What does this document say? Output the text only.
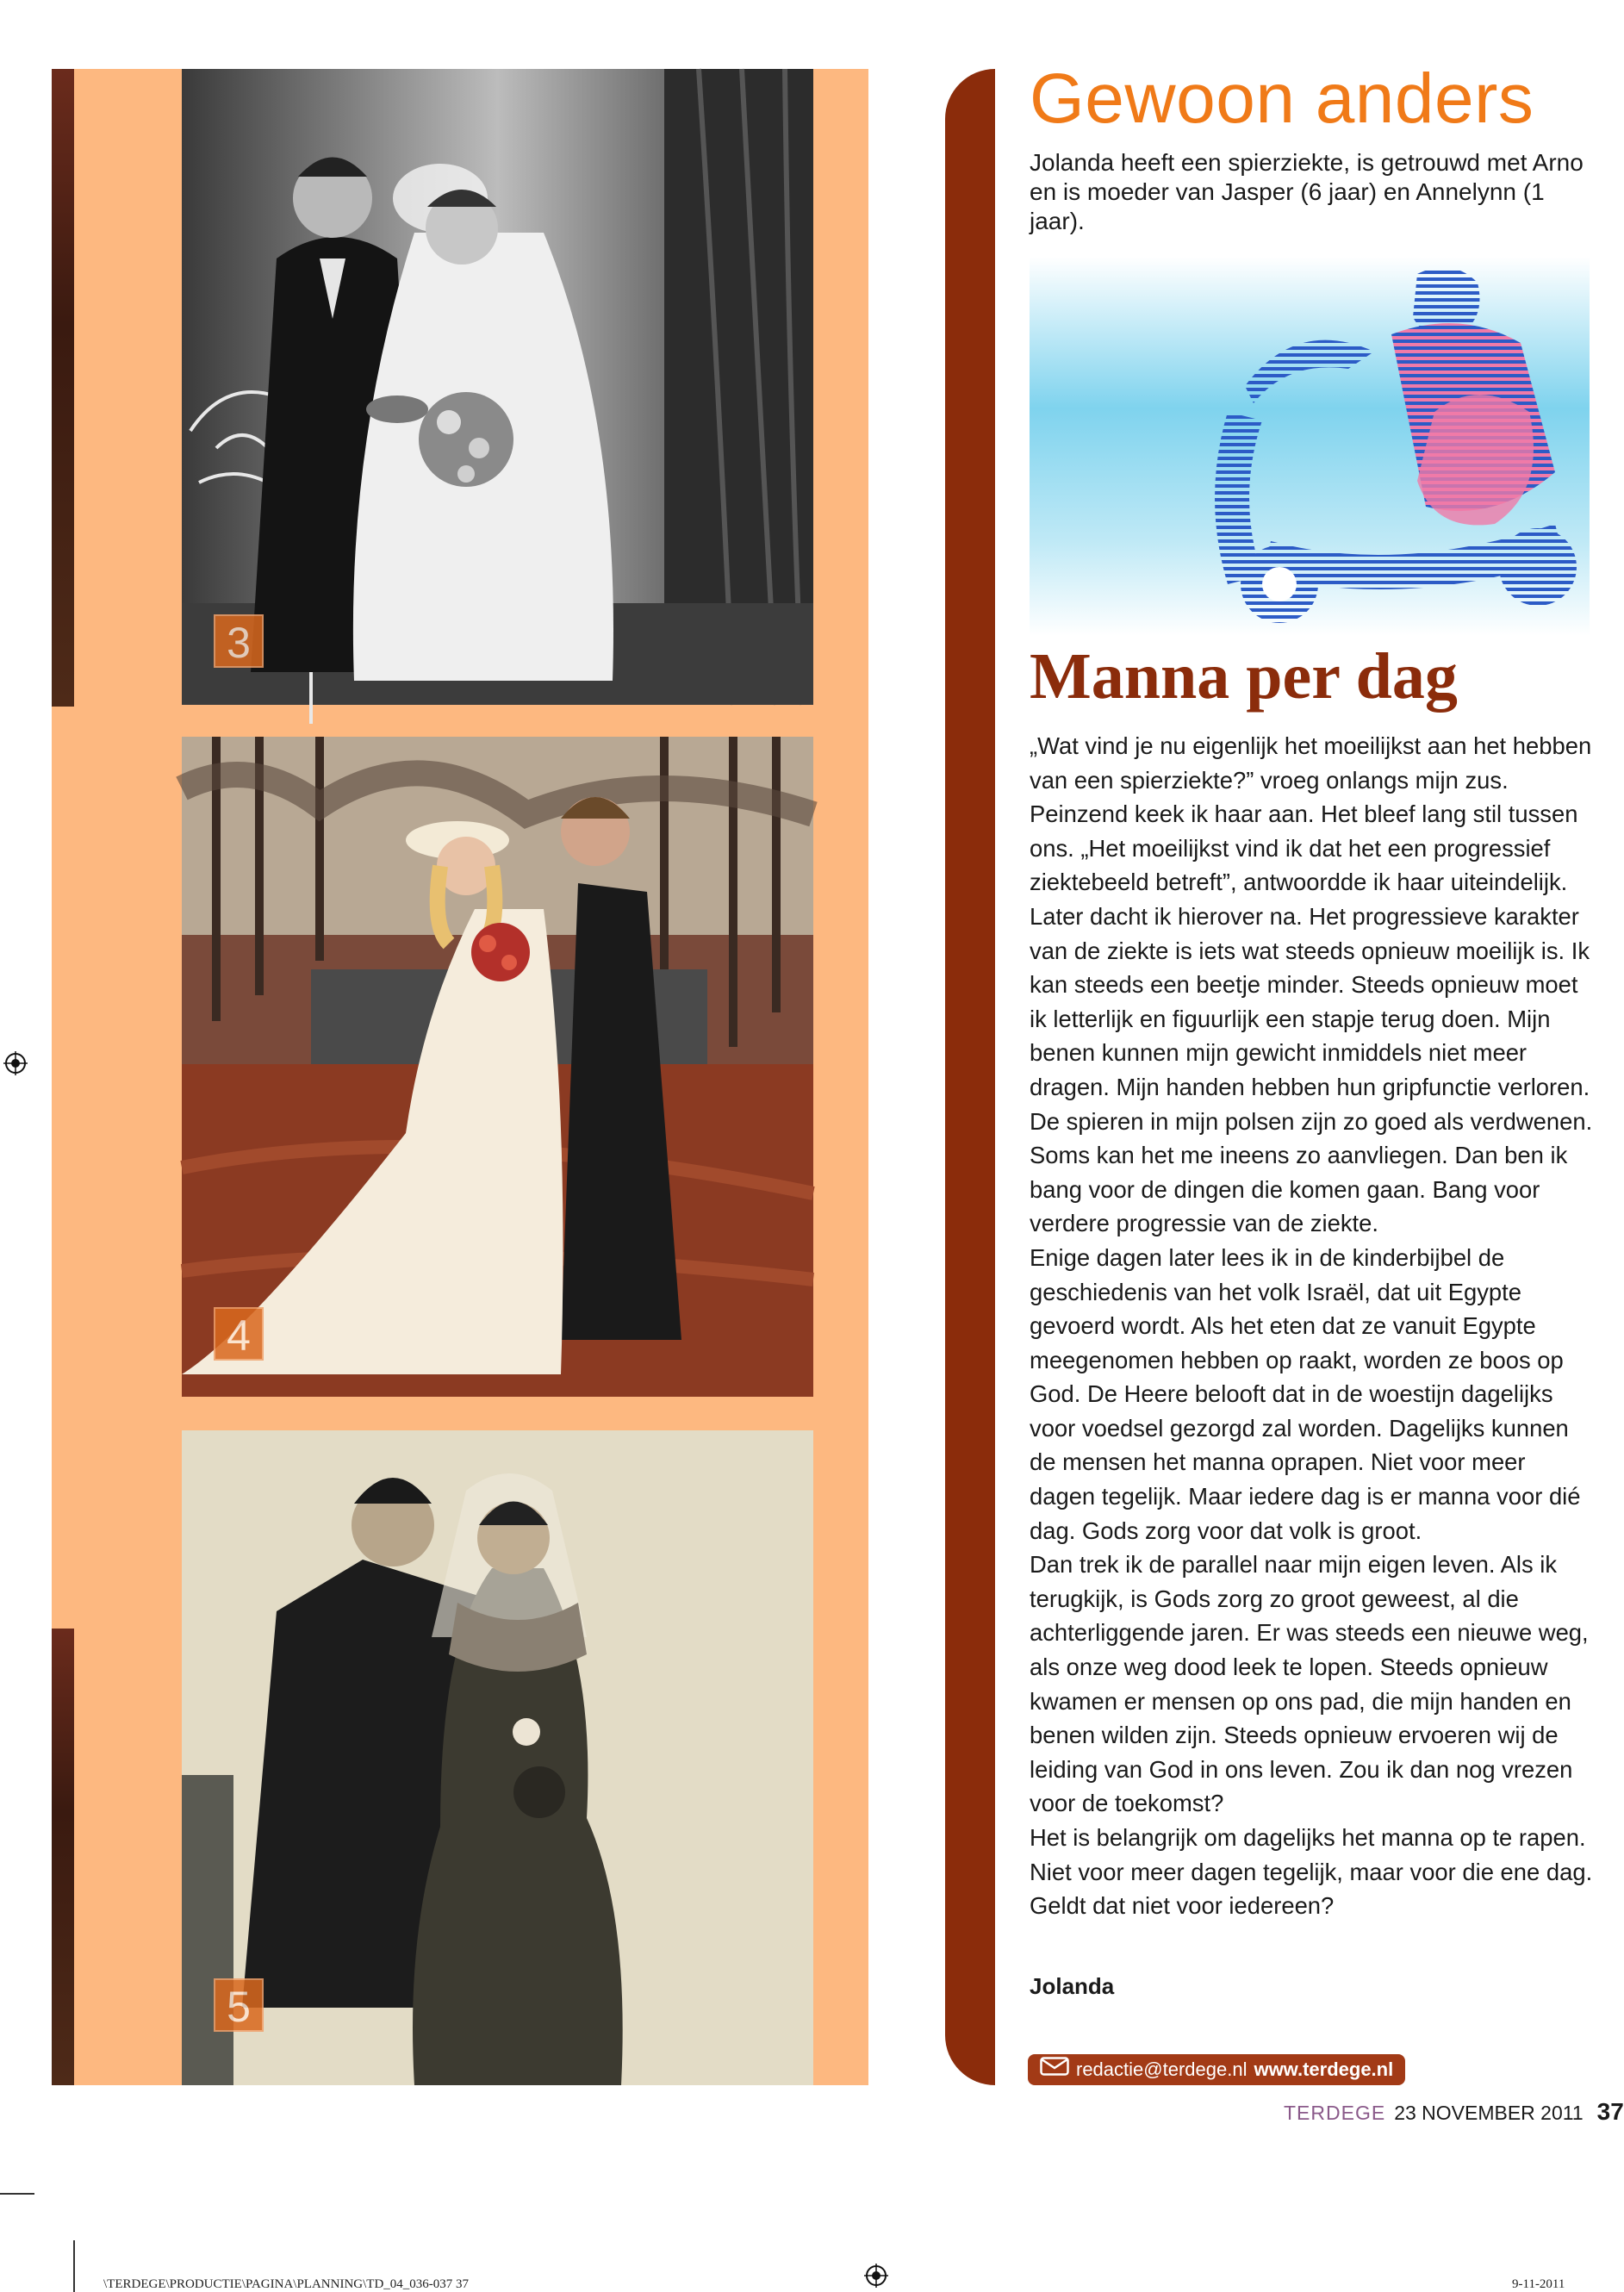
3
4
5
Gewoon anders
Jolanda heeft een spierziekte, is getrouwd met Arno en is moeder van Jasper (6 jaar) en Annelynn (1 jaar).
Manna per dag
„Wat vind je nu eigenlijk het moeilijkst aan het hebben van een spierziekte?” vroeg onlangs mijn zus. Peinzend keek ik haar aan. Het bleef lang stil tussen ons. „Het moeilijkst vind ik dat het een progressief ziektebeeld betreft”, antwoordde ik haar uiteindelijk.
Later dacht ik hierover na. Het progressieve karakter van de ziekte is iets wat steeds opnieuw moeilijk is. Ik kan steeds een beetje minder. Steeds opnieuw moet ik letterlijk en figuurlijk een stapje terug doen. Mijn benen kunnen mijn gewicht inmiddels niet meer dragen. Mijn handen hebben hun gripfunctie verloren. De spieren in mijn polsen zijn zo goed als verdwenen. Soms kan het me ineens zo aanvliegen. Dan ben ik bang voor de dingen die komen gaan. Bang voor verdere progressie van de ziekte.
Enige dagen later lees ik in de kinderbijbel de geschiedenis van het volk Israël, dat uit Egypte gevoerd wordt. Als het eten dat ze vanuit Egypte meegenomen hebben op raakt, worden ze boos op God. De Heere belooft dat in de woestijn dagelijks voor voedsel gezorgd zal worden. Dagelijks kunnen de mensen het manna oprapen. Niet voor meer dagen tegelijk. Maar iedere dag is er manna voor dié dag. Gods zorg voor dat volk is groot.
Dan trek ik de parallel naar mijn eigen leven. Als ik terugkijk, is Gods zorg zo groot geweest, al die achterliggende jaren. Er was steeds een nieuwe weg, als onze weg dood leek te lopen. Steeds opnieuw kwamen er mensen op ons pad, die mijn handen en benen wilden zijn. Steeds opnieuw ervoeren wij de leiding van God in ons leven. Zou ik dan nog vrezen voor de toekomst?
Het is belangrijk om dagelijks het manna op te rapen. Niet voor meer dagen tegelijk, maar voor die ene dag. Geldt dat niet voor iedereen?
Jolanda
redactie@terdege.nl www.terdege.nl
TERDEGE 23 NOVEMBER 2011 37
\TERDEGE\PRODUCTIE\PAGINA\PLANNING\TD_04_036-037 37	9-11-2011
